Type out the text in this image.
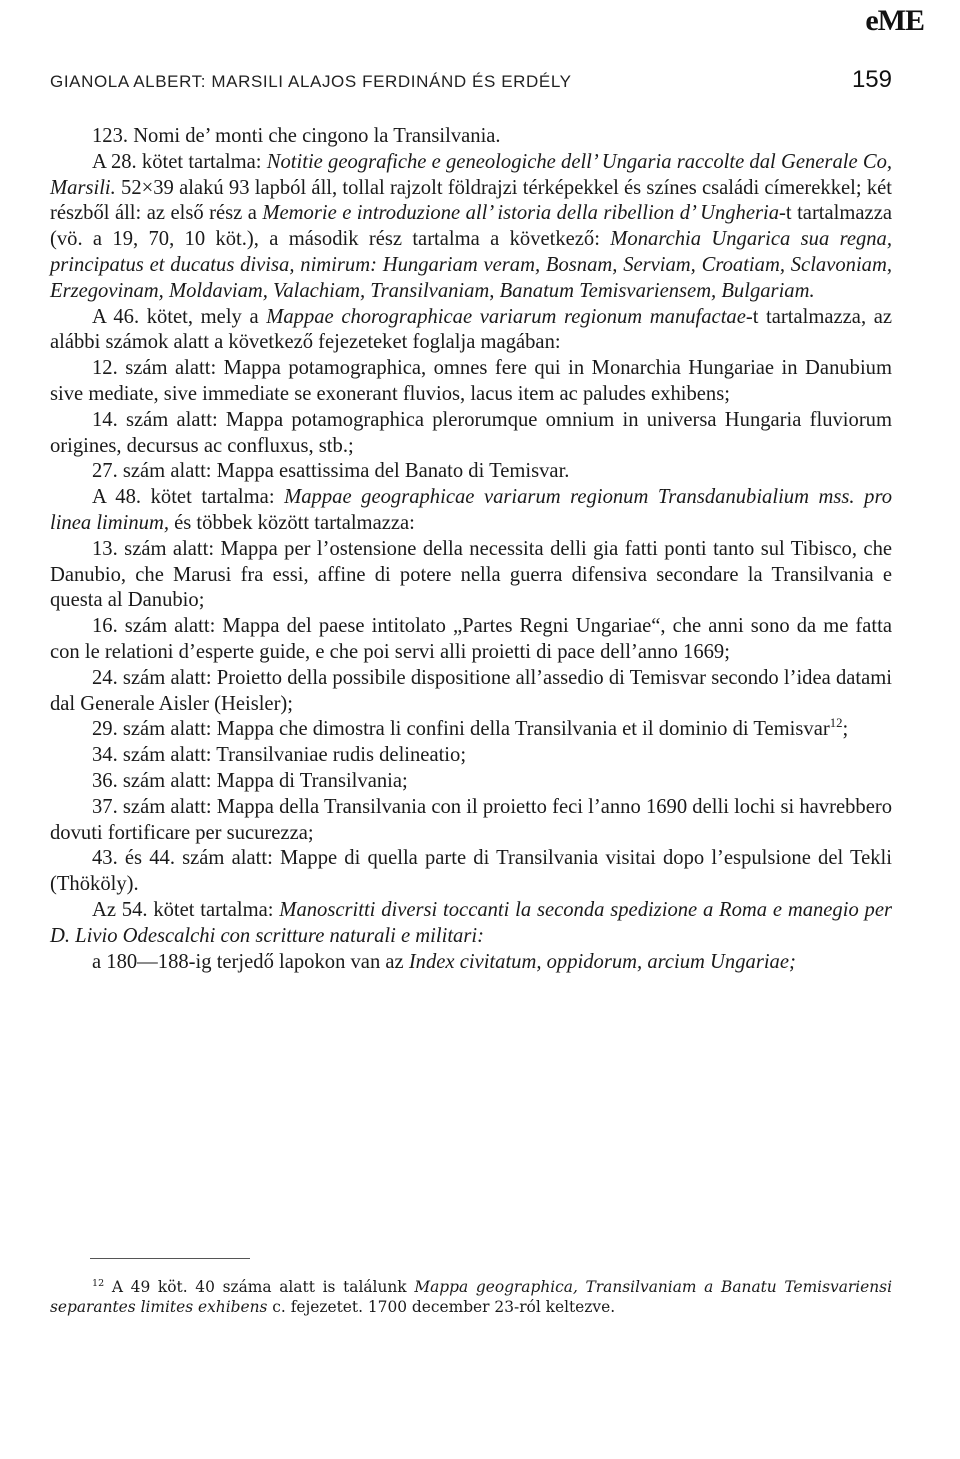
eME
GIANOLA ALBERT: MARSILI ALAJOS FERDINÁND ÉS ERDÉLY	159

123. Nomi de’ monti che cingono la Transilvania.

A 28. kötet tartalma: Notitie geografiche e geneologiche dell’ Ungaria raccolte dal Generale Co, Marsili. 52×39 alakú 93 lapból áll, tollal rajzolt földrajzi térképekkel és színes családi címerekkel; két részből áll: az első rész a Memorie e introduzione all’ istoria della ribellion d’ Ungheria-t tartalmazza (vö. a 19, 70, 10 köt.), a második rész tartalma a következő: Monarchia Ungarica sua regna, principatus et ducatus divisa, nimirum: Hungariam veram, Bosnam, Serviam, Croatiam, Sclavoniam, Erzegovinam, Moldaviam, Valachiam, Transilvaniam, Banatum Temisvariensem, Bulgariam.

A 46. kötet, mely a Mappae chorographicae variarum regionum manufactae-t tartalmazza, az alábbi számok alatt a következő fejezeteket foglalja magában:

12. szám alatt: Mappa potamographica, omnes fere qui in Monarchia Hungariae in Danubium sive mediate, sive immediate se exonerant fluvios, lacus item ac paludes exhibens;

14. szám alatt: Mappa potamographica plerorumque omnium in universa Hungaria fluviorum origines, decursus ac confluxus, stb.;

27. szám alatt: Mappa esattissima del Banato di Temisvar.

A 48. kötet tartalma: Mappae geographicae variarum regionum Transdanubialium mss. pro linea liminum, és többek között tartalmazza:

13. szám alatt: Mappa per l’ostensione della necessita delli gia fatti ponti tanto sul Tibisco, che Danubio, che Marusi fra essi, affine di potere nella guerra difensiva secondare la Transilvania e questa al Danubio;

16. szám alatt: Mappa del paese intitolato „Partes Regni Ungariae“, che anni sono da me fatta con le relationi d’esperte guide, e che poi servi alli proietti di pace dell’anno 1669;

24. szám alatt: Proietto della possibile dispositione all’assedio di Temisvar secondo l’idea datami dal Generale Aisler (Heisler);

29. szám alatt: Mappa che dimostra li confini della Transilvania et il dominio di Temisvar$^{12}$;

34. szám alatt: Transilvaniae rudis delineatio;

36. szám alatt: Mappa di Transilvania;

37. szám alatt: Mappa della Transilvania con il proietto feci l’anno 1690 delli lochi si havrebbero dovuti fortificare per sucurezza;

43. és 44. szám alatt: Mappe di quella parte di Transilvania visitai dopo l’espulsione del Tekli (Thököly).

Az 54. kötet tartalma: Manoscritti diversi toccanti la seconda spedizione a Roma e manegio per D. Livio Odescalchi con scritture naturali e militari:

a 180—188-ig terjedő lapokon van az Index civitatum, oppidorum, arcium Ungariae;

$^{12}$ A 49 köt. 40 száma alatt is találunk Mappa geographica, Transilvaniam a Banatu Temisvariensi separantes limites exhibens c. fejezetet. 1700 december 23-ról keltezve.
